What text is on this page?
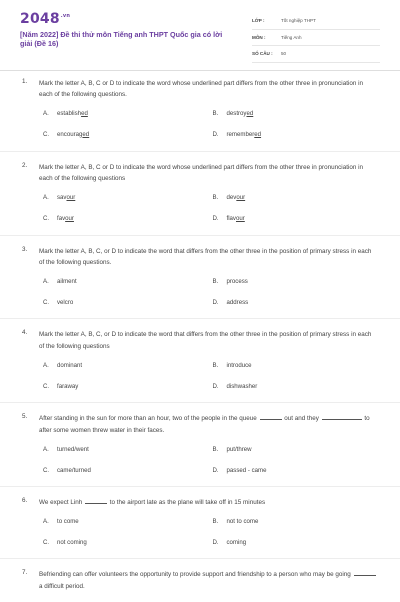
$2048^{.vn}$
[Năm 2022] Đề thi thử môn Tiếng anh THPT Quốc gia có lời giải (Đề 16)
LỚP :	Tốt nghiệp THPT
MÔN :	Tiếng Anh
SỐ CÂU :	50
1. Mark the letter A, B, C or D to indicate the word whose underlined part differs from the other three in pronunciation in each of the following questions.
A.	established	B.	destroyed
C.	encouraged	D.	remembered
2. Mark the letter A, B, C or D to indicate the word whose underlined part differs from the other three in pronunciation in each of the following questions
A.	savour	B.	devour
C.	favour	D.	flavour
3. Mark the letter A, B, C, or D to indicate the word that differs from the other three in the position of primary stress in each of the following questions.
A.	ailment	B.	process
C.	velcro	D.	address
4. Mark the letter A, B, C, or D to indicate the word that differs from the other three in the position of primary stress in each of the following questions
A.	dominant	B.	introduce
C.	faraway	D.	dishwasher
5. After standing in the sun for more than an hour, two of the people in the queue	out and they	to after some women threw water in their faces.
A.	turned/went	B.	put/threw
C.	came/turned	D.	passed - came
6. We expect Linh	to the airport late as the plane will take off in 15 minutes
A.	to come	B.	not to come
C.	not coming	D.	coming
7. Befriending can offer volunteers the opportunity to provide support and friendship to a person who may be going  a difficult period.
